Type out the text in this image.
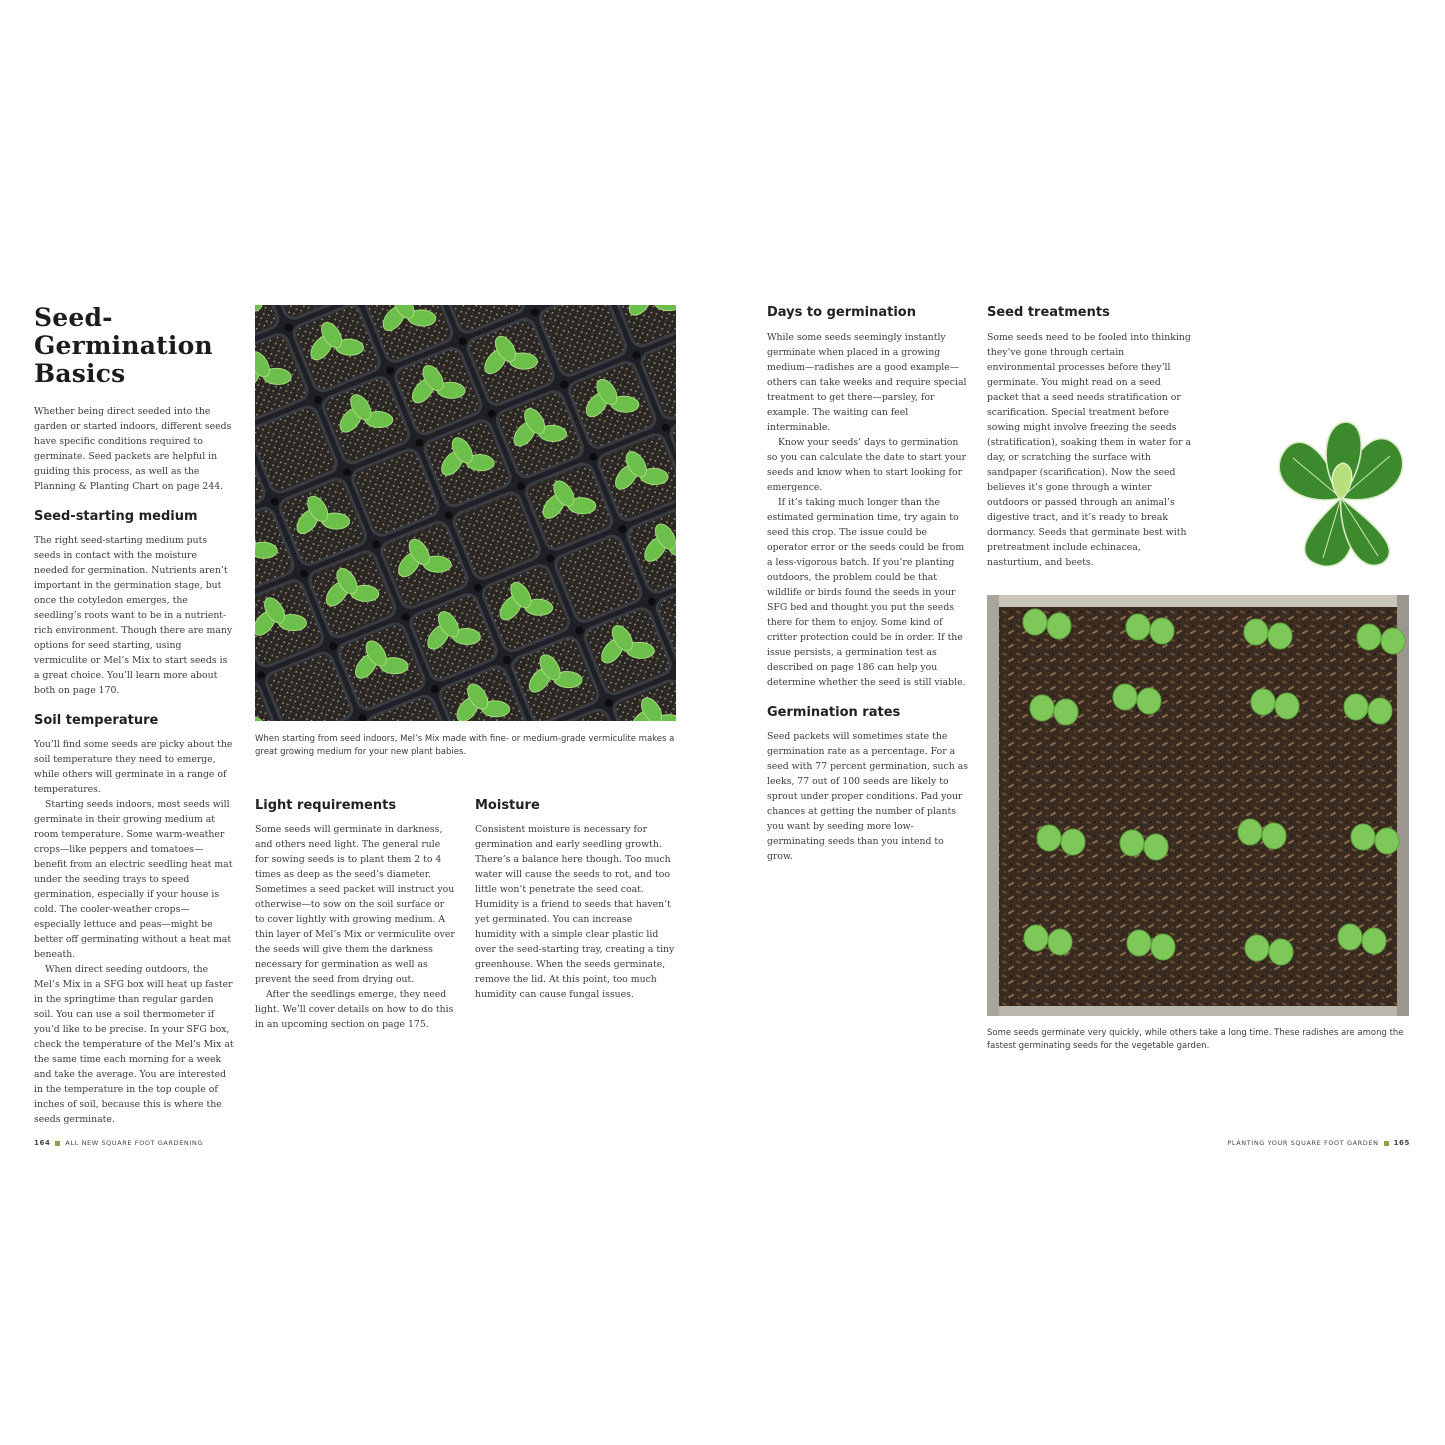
Seed-
Germination
Basics

Whether being direct seeded into the garden or started indoors, different seeds have specific conditions required to germinate. Seed packets are helpful in guiding this process, as well as the Planning & Planting Chart on page 244.

Seed-starting medium

The right seed-starting medium puts seeds in contact with the moisture needed for germination. Nutrients aren’t important in the germination stage, but once the cotyledon emerges, the seedling’s roots want to be in a nutrient-rich environment. Though there are many options for seed starting, using vermiculite or Mel’s Mix to start seeds is a great choice. You’ll learn more about both on page 170.

Soil temperature

You’ll find some seeds are picky about the soil temperature they need to emerge, while others will germinate in a range of temperatures.

Starting seeds indoors, most seeds will germinate in their growing medium at room temperature. Some warm-weather crops—like peppers and tomatoes—benefit from an electric seedling heat mat under the seeding trays to speed germination, especially if your house is cold. The cooler-weather crops—especially lettuce and peas—might be better off germinating without a heat mat beneath.

When direct seeding outdoors, the Mel’s Mix in a SFG box will heat up faster in the springtime than regular garden soil. You can use a soil thermometer if you’d like to be precise. In your SFG box, check the temperature of the Mel’s Mix at the same time each morning for a week and take the average. You are interested in the temperature in the top couple of inches of soil, because this is where the seeds germinate.

When starting from seed indoors, Mel’s Mix made with fine- or medium-grade vermiculite makes a great growing medium for your new plant babies.
Light requirements

Some seeds will germinate in darkness, and others need light. The general rule for sowing seeds is to plant them 2 to 4 times as deep as the seed’s diameter. Sometimes a seed packet will instruct you otherwise—to sow on the soil surface or to cover lightly with growing medium. A thin layer of Mel’s Mix or vermiculite over the seeds will give them the darkness necessary for germination as well as prevent the seed from drying out.

After the seedlings emerge, they need light. We’ll cover details on how to do this in an upcoming section on page 175.

Moisture

Consistent moisture is necessary for germination and early seedling growth. There’s a balance here though. Too much water will cause the seeds to rot, and too little won’t penetrate the seed coat. Humidity is a friend to seeds that haven’t yet germinated. You can increase humidity with a simple clear plastic lid over the seed-starting tray, creating a tiny greenhouse. When the seeds germinate, remove the lid. At this point, too much humidity can cause fungal issues.

164 ALL NEW SQUARE FOOT GARDENING
Days to germination

While some seeds seemingly instantly germinate when placed in a growing medium—radishes are a good example—others can take weeks and require special treatment to get there—parsley, for example. The waiting can feel interminable.

Know your seeds’ days to germination so you can calculate the date to start your seeds and know when to start looking for emergence.

If it’s taking much longer than the estimated germination time, try again to seed this crop. The issue could be operator error or the seeds could be from a less-vigorous batch. If you’re planting outdoors, the problem could be that wildlife or birds found the seeds in your SFG bed and thought you put the seeds there for them to enjoy. Some kind of critter protection could be in order. If the issue persists, a germination test as described on page 186 can help you determine whether the seed is still viable.

Germination rates

Seed packets will sometimes state the germination rate as a percentage. For a seed with 77 percent germination, such as leeks, 77 out of 100 seeds are likely to sprout under proper conditions. Pad your chances at getting the number of plants you want by seeding more low-germinating seeds than you intend to grow.

Seed treatments

Some seeds need to be fooled into thinking they’ve gone through certain environmental processes before they’ll germinate. You might read on a seed packet that a seed needs stratification or scarification. Special treatment before sowing might involve freezing the seeds (stratification), soaking them in water for a day, or scratching the surface with sandpaper (scarification). Now the seed believes it’s gone through a winter outdoors or passed through an animal’s digestive tract, and it’s ready to break dormancy. Seeds that germinate best with pretreatment include echinacea, nasturtium, and beets.

Some seeds germinate very quickly, while others take a long time. These radishes are among the fastest germinating seeds for the vegetable garden.
PLANTING YOUR SQUARE FOOT GARDEN 165
